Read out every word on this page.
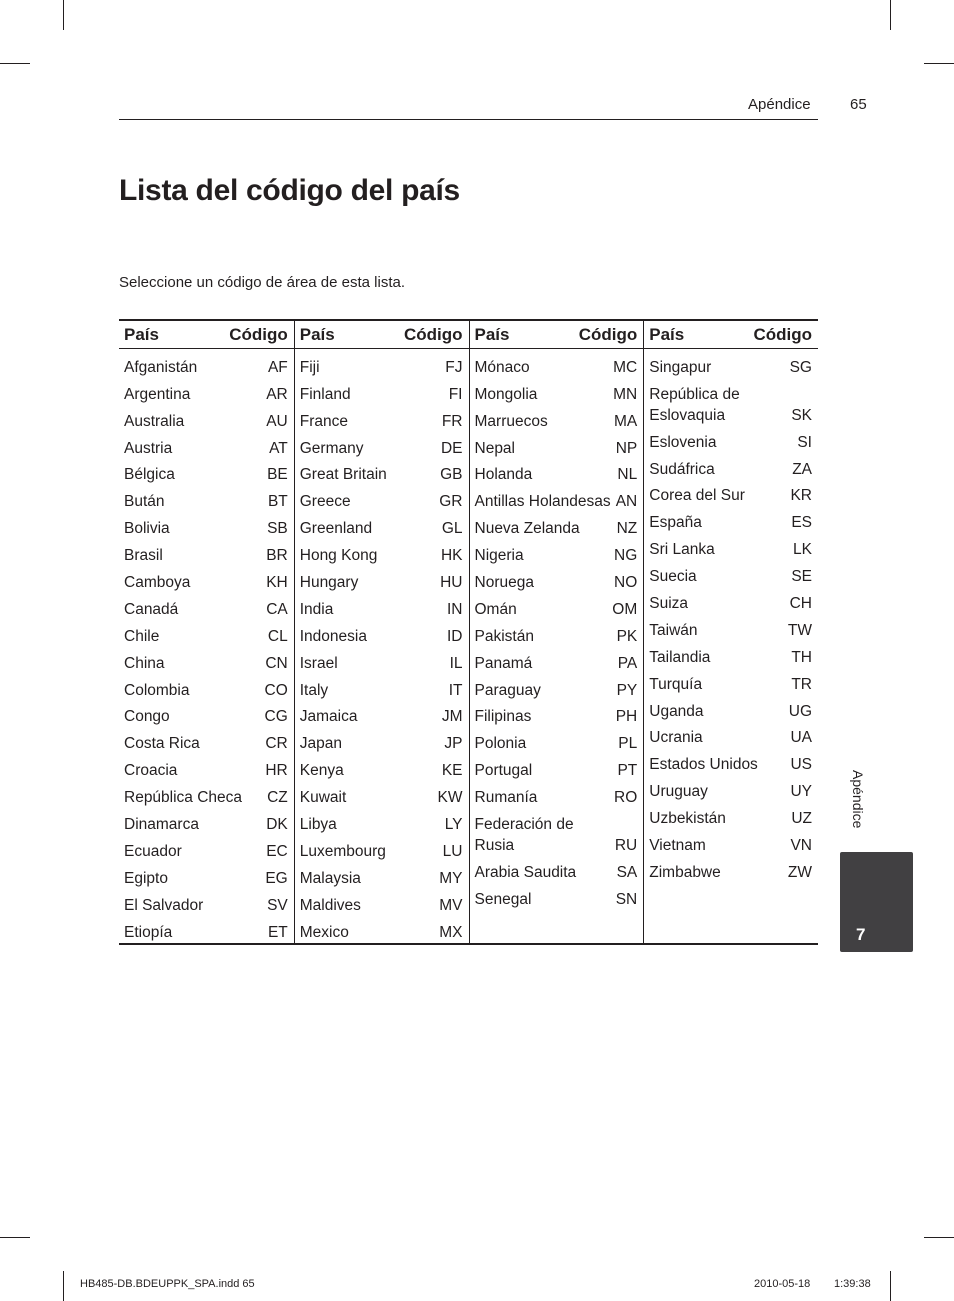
Apéndice	65
Lista del código del país
Seleccione un código de área de esta lista.
País	Código
Afganistán	AF
Argentina	AR
Australia	AU
Austria	AT
Bélgica	BE
Bután	BT
Bolivia	SB
Brasil	BR
Camboya	KH
Canadá	CA
Chile	CL
China	CN
Colombia	CO
Congo	CG
Costa Rica	CR
Croacia	HR
República Checa CZ
Dinamarca	DK
Ecuador	EC
Egipto	EG
El Salvador	SV
Etiopía	ET
País	Código
Fiji	FJ
Finland	FI
France	FR
Germany	DE
Great Britain	GB
Greece	GR
Greenland	GL
Hong Kong	HK
Hungary	HU
India	IN
Indonesia	ID
Israel	IL
Italy	IT
Jamaica	JM
Japan	JP
Kenya	KE
Kuwait	KW
Libya	LY
Luxembourg	LU
Malaysia	MY
Maldives	MV
Mexico	MX
País	Código
Mónaco	MC
Mongolia	MN
Marruecos	MA
Nepal	NP
Holanda	NL
Antillas Holandesas AN
Nueva Zelanda NZ
Nigeria	NG
Noruega	NO
Omán	OM
Pakistán	PK
Panamá	PA
Paraguay	PY
Filipinas	PH
Polonia	PL
Portugal	PT
Rumanía	RO
Federación de
Rusia	RU
Arabia Saudita	SA
Senegal	SN
País	Código
Singapur	SG
República de
Eslovaquia	SK
Eslovenia	SI
Sudáfrica	ZA
Corea del Sur	KR
España	ES
Sri Lanka	LK
Suecia	SE
Suiza	CH
Taiwán	TW
Tailandia	TH
Turquía	TR
Uganda	UG
Ucrania	UA
Estados Unidos US
Uruguay	UY
Uzbekistán	UZ
Vietnam	VN
Zimbabwe	ZW
Apéndice
7
HB485-DB.BDEUPPK_SPA.indd 65	2010-05-18 1:39:38
